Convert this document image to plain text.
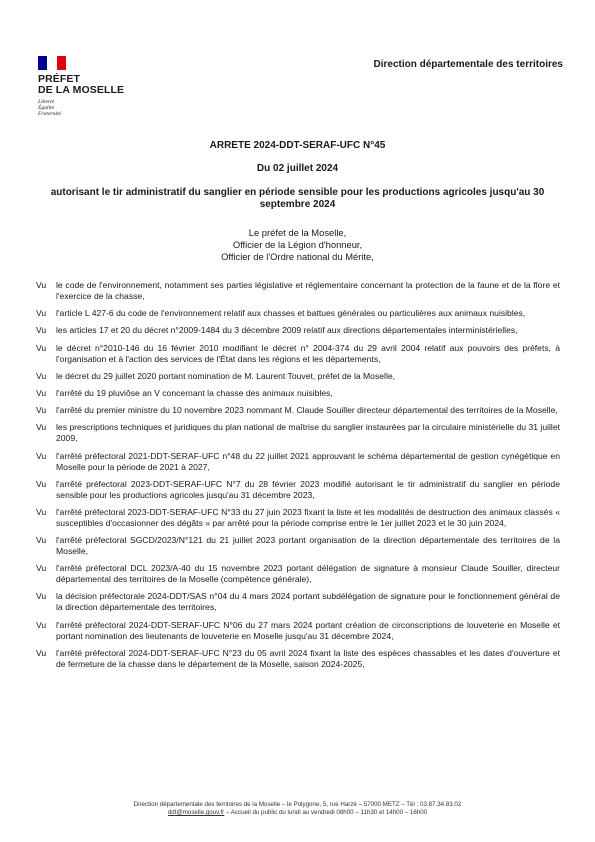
PRÉFET
DE LA MOSELLE
Liberté
Égalité
Fraternité
Direction départementale des territoires
ARRETE 2024-DDT-SERAF-UFC N°45
Du 02 juillet 2024
autorisant le tir administratif du sanglier en période sensible pour les productions agricoles jusqu'au 30 septembre 2024
Le préfet de la Moselle,
Officier de la Légion d'honneur,
Officier de l'Ordre national du Mérite,
Vu	le code de l'environnement, notamment ses parties législative et réglementaire concernant la protection de la faune et de la flore et l'exercice de la chasse,
Vu	l'article L 427-6 du code de l'environnement relatif aux chasses et battues générales ou particulières aux animaux nuisibles,
Vu	les articles 17 et 20 du décret n°2009-1484 du 3 décembre 2009 relatif aux directions départementales interministérielles,
Vu	le décret n°2010-146 du 16 février 2010 modifiant le décret n° 2004-374 du 29 avril 2004 relatif aux pouvoirs des préfets, à l'organisation et à l'action des services de l'État dans les régions et les départements,
Vu	le décret du 29 juillet 2020 portant nomination de M. Laurent Touvet, préfet de la Moselle,
Vu	l'arrêté du 19 pluviôse an V concernant la chasse des animaux nuisibles,
Vu	l'arrêté du premier ministre du 10 novembre 2023 nommant M. Claude Souiller directeur départemental des territoires de la Moselle,
Vu	les prescriptions techniques et juridiques du plan national de maîtrise du sanglier instaurées par la circulaire ministérielle du 31 juillet 2009,
Vu	l'arrêté préfectoral 2021-DDT-SERAF-UFC n°48 du 22 juillet 2021 approuvant le schéma départemental de gestion cynégétique en Moselle pour la période de 2021 à 2027,
Vu	l'arrêté préfectoral 2023-DDT-SERAF-UFC N°7 du 28 février 2023 modifié autorisant le tir administratif du sanglier en période sensible pour les productions agricoles jusqu'au 31 décembre 2023,
Vu	l'arrêté préfectoral 2023-DDT-SERAF-UFC N°33 du 27 juin 2023 fixant la liste et les modalités de destruction des animaux classés « susceptibles d'occasionner des dégâts » par arrêté pour la période comprise entre le 1er juillet 2023 et le 30 juin 2024,
Vu	l'arrêté préfectoral SGCD/2023/N°121 du 21 juillet 2023 portant organisation de la direction départementale des territoires de la Moselle,
Vu	l'arrêté préfectoral DCL 2023/A-40 du 15 novembre 2023 portant délégation de signature à monsieur Claude Souiller, directeur départemental des territoires de la Moselle (compétence générale),
Vu	la décision préfectorale 2024-DDT/SAS n°04 du 4 mars 2024 portant subdélégation de signature pour le fonctionnement général de la direction départementale des territoires,
Vu	l'arrêté préfectoral 2024-DDT-SERAF-UFC N°06 du 27 mars 2024 portant création de circonscriptions de louveterie en Moselle et portant nomination des lieutenants de louveterie en Moselle jusqu'au 31 décembre 2024,
Vu	l'arrêté préfectoral 2024-DDT-SERAF-UFC N°23 du 05 avril 2024 fixant la liste des espèces chassables et les dates d'ouverture et de fermeture de la chasse dans le département de la Moselle, saison 2024-2025,
Direction départementale des territoires de la Moselle – le Polygone, 5, rue Harzé – 57000 METZ – Tél : 03.87.34.83.02
ddt@moselle.gouv.fr – Accueil du public du lundi au vendredi 08h00 – 11h30 et 14h00 – 16h00
